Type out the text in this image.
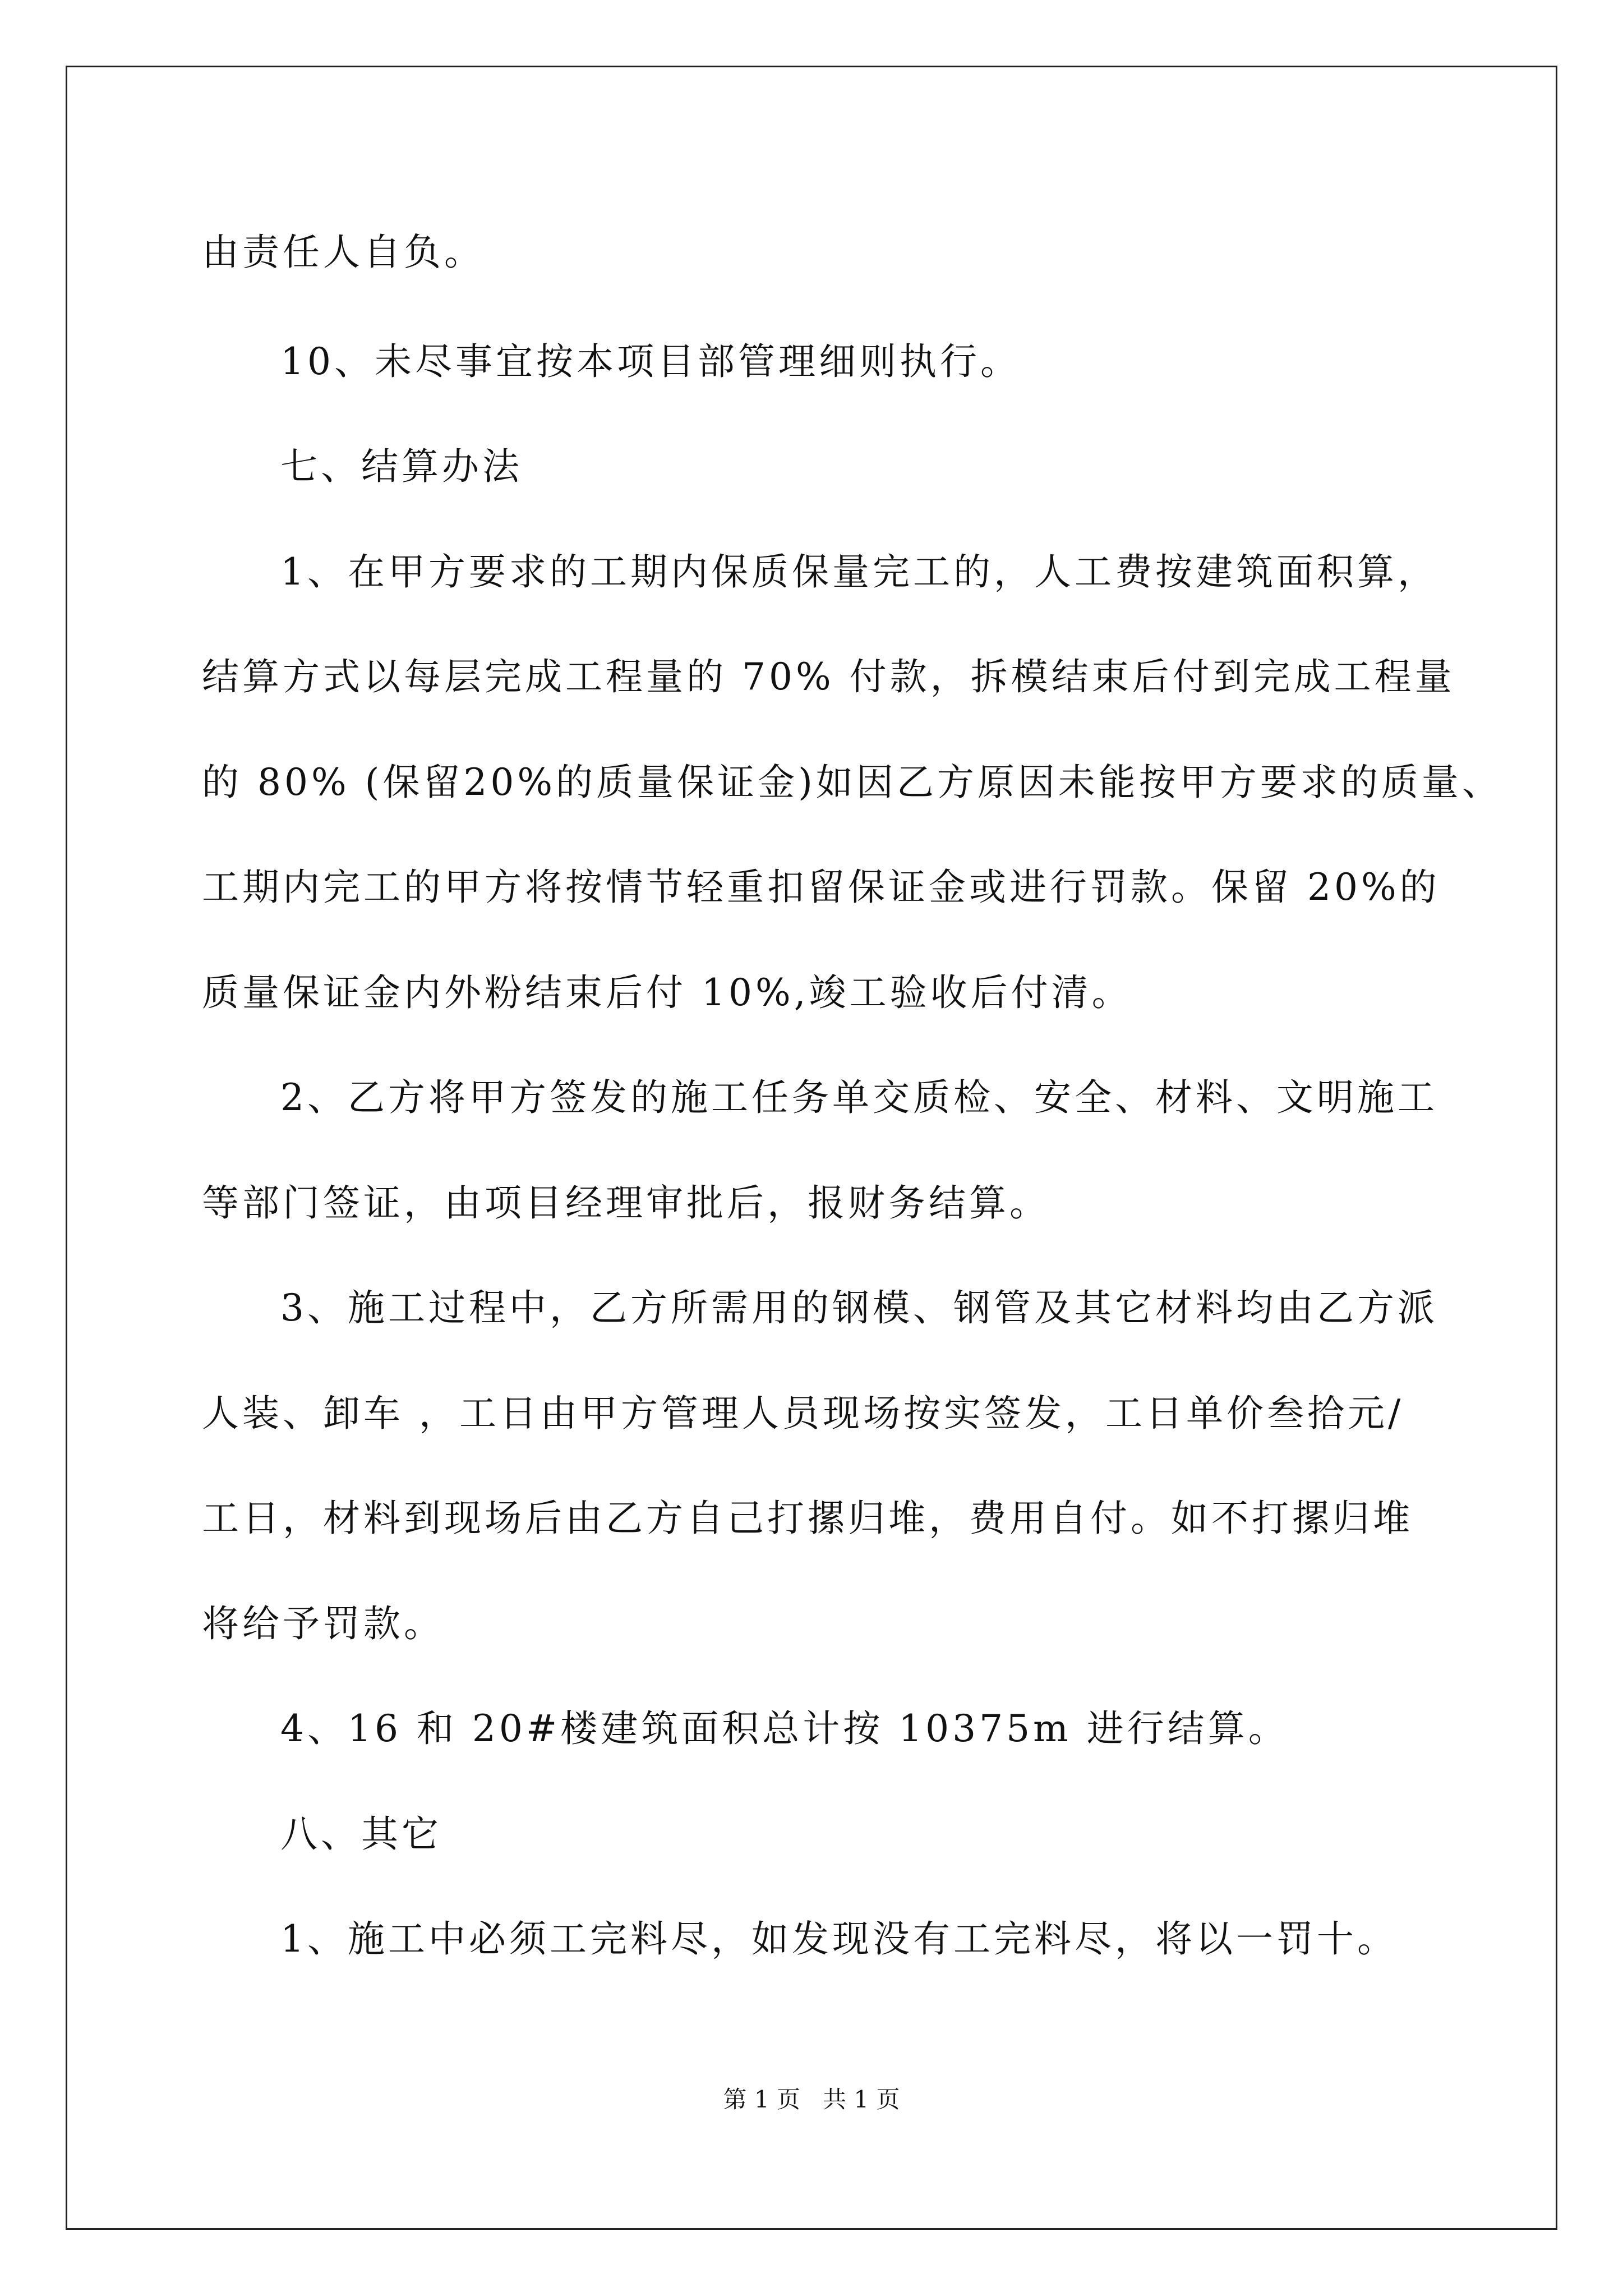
由责任人自负。
10、未尽事宜按本项目部管理细则执行。
七、结算办法
1、在甲方要求的工期内保质保量完工的，人工费按建筑面积算，
结算方式以每层完成工程量的 70% 付款，拆模结束后付到完成工程量
的 80% (保留20%的质量保证金)如因乙方原因未能按甲方要求的质量、
工期内完工的甲方将按情节轻重扣留保证金或进行罚款。保留 20%的
质量保证金内外粉结束后付 10%,竣工验收后付清。
2、乙方将甲方签发的施工任务单交质检、安全、材料、文明施工
等部门签证，由项目经理审批后，报财务结算。
3、施工过程中，乙方所需用的钢模、钢管及其它材料均由乙方派
人装、卸车 ，工日由甲方管理人员现场按实签发，工日单价叁拾元/
工日，材料到现场后由乙方自己打摞归堆，费用自付。如不打摞归堆
将给予罚款。
4、16 和 20#楼建筑面积总计按 10375m 进行结算。
八、其它
1、施工中必须工完料尽，如发现没有工完料尽，将以一罚十。
第 1 页   共 1 页
